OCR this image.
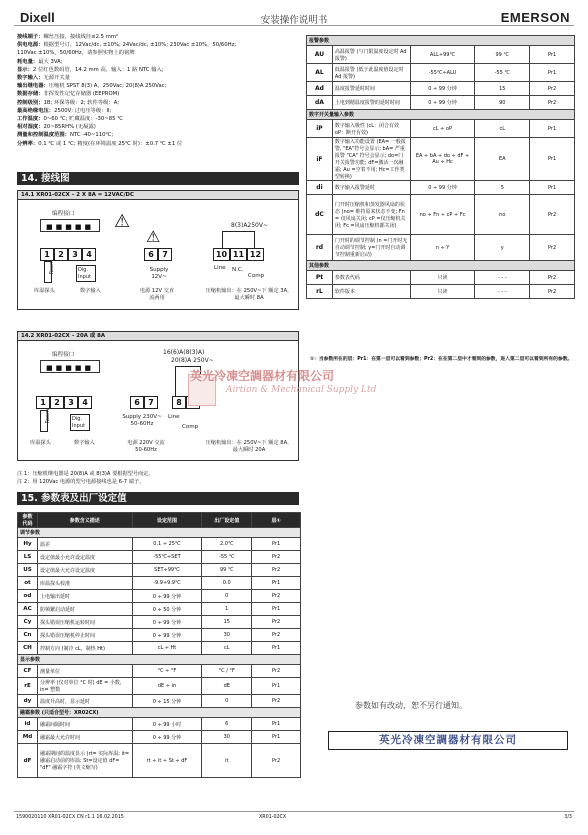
Dixell	安装操作说明书	EMERSON
接线端子：螺丝压接，接线线径≤2.5 mm²
供电电源：根据型号订，12Vac/dc, ±10%; 24Vac/dc, ±10%; 230Vac ±10%，50/60Hz;
110Vac ±10%，50/60Hz，请参照实物上的铭牌
耗电量：最大 3VA;
显示：2 位红色数码管，14.2 mm 高，输入：1 路 NTC 输入;
数字输入：无源开关量
输出继电器：压缩机 SPST 8(3) A，250Vac; 20(8)A 250Vac;
数据存储：非挥发性记忆存储器 (EEPROM)
控制级别：1B; 环保等级：2; 软件等级：A;
最高绝缘电压：2500V; 过电压等级：II;
工作温度：0~60 ℃; 贮藏温度：-30~85 ℃
相对湿度：20~85RH% (无凝露)
测量和控制温度范围：NTC -40~110℃;
分辨率：0.1 ℃ 或 1 ℃; 精度(在环境温度 25℃ 时)：±0.7 ℃ ±1 位
14. 接线图
14.1 XR01-02CX – 2 X 8A = 12VAC/DC
编程接口
■■■■■ ⚠
⚠
1	2	3	4	6	7	10 11 12
8(3)A250V~
Room	Dig. Input
Supply 12V~
Line N.C.
Comp
库温探头	数字输入	电源 12V 交直流两用
压缩机输出：在 250V~下 额定 3A，最大瞬时 8A
14.2 XR01-02CX – 20A 或 8A
编程接口
■■■■■
16(6)A(8(3)A)
20(8)A 250V~
1	2	3	4	6	7	8
Room	Dig. Input
Supply 230V~ 50-60Hz
Line
Comp
库温探头	数字输入	电源 220V 交流 50-60Hz
压缩机输出：在 250V~下 额定 8A，最大瞬时 20A
注 1：压缩机继电器是 20(8)A 或 8(3)A 要根据型号而定。
注 2：用 120Vac 电源的型号电源接线也是 6-7 端子。
15. 参数表及出厂设定值
参数代码	参数含义描述	设定范围	出厂设定值	层①
调节参数				
Hy	温差	0.1 ÷ 25℃	2.0℃	Pr1
LS	设定值最小允许设定温度	-55℃÷SET	-55 ℃	Pr2
US	设定值最大允许设定温度	SET÷99℃	99 ℃	Pr2
ot	库温探头校准	-9.9÷9.9℃	0.0	Pr1
od	上电输出延时	0 ÷ 99 分钟	0	Pr2
AC	防频繁启动延时	0 ÷ 50 分钟	1	Pr1
Cy	探头错误压缩机运转时间	0 ÷ 99 分钟	15	Pr2
Cn	探头错误压缩机停止时间	0 ÷ 99 分钟	30	Pr2
CH	控制方向 (制冷 cL，制热 Ht)	cL ÷ Ht	cL	Pr1
显示参数				
CF	测量单位	°C ÷ °F	°C / °F	Pr2
rE	分辨率 (仅对单位 °C 时) dE = 小数, in= 整数	dE ÷ in	dE	Pr1
dy	温度升高时，显示延时	0 ÷ 15 分钟	0	Pr2
融霜参数 (只适合型号：XR02CX)				
id	融霜间隔时间	0 ÷ 99 小时	6	Pr1
Md	融霜最大允许时间	0 ÷ 99 分钟	30	Pr1
dF	融霜期间的温度显示 (rt= 实际库温; it= 融霜启动前的库温; St=设定值 dF= "dF" 融霜字符 (英文缩写)	rt ÷ it ÷ St ÷ dF	it	Pr2
报警参数				
AU	高温报警 (与门限温度设定时 Ad 报警)	ALL÷99℃	99 ℃	Pr1
AL	低温报警 (低于此温度值设定时 Ad 报警)	-55℃÷ALU	-55 ℃	Pr1
Ad	温度报警延时时间	0 ÷ 99 分钟	15	Pr2
dA	上电到精温度报警的延时时间	0 ÷ 99 分钟	90	Pr2
数字开关量输入参数				
iP	数字输入极性 (cL：闭合有效 oP：断开有效)	cL ÷ oP	cL	Pr1
iF	数字输入功能设置 (EA= 一般报警, "EA"符号会显示; bA= 严重报警 "CA" 符号会显示; do=门开关报警功能; dF=激活一次融霜; Au =空着不用; Hc=工作类型转换)	EA ÷ bA ÷ do ÷ dF ÷ Au ÷ Hc	EA	Pr1
di	数字输入报警延时	0 ÷ 99 分钟	5	Pr1
dC	门开时压缩机和蒸发器风扇的状态 (no= 维持原来状态不变; Fn = 仅风扇关闭; cP =仅压缩机关闭; Fc =风扇压缩机都关闭)	no ÷ Fn ÷ cP ÷ Fc	no	Pr2
rd	门开时的调节控制 (n =门开时无自动调节控制; y=门开时自动调节控制重新启动)	n ÷ Y	y	Pr2
其他参数				
Pt	参数表代码	只读	- - -	Pr2
rL	软件版本	只读	- - -	Pr2
①：当参数所在的层：Pr1：在第一层可以看到参数；Pr2：在在第二层中才看到的参数，进入第二层可以看到所有的参数。
英光冷凍空調器材有限公司
Airtion & Mechanical Supply Ltd
参数如有改动，恕不另行通知。
英光冷凍空調器材有限公司
1590020110 XR01-02CX CN r1.1 16.02.2015	XR01-02CX	3/3
